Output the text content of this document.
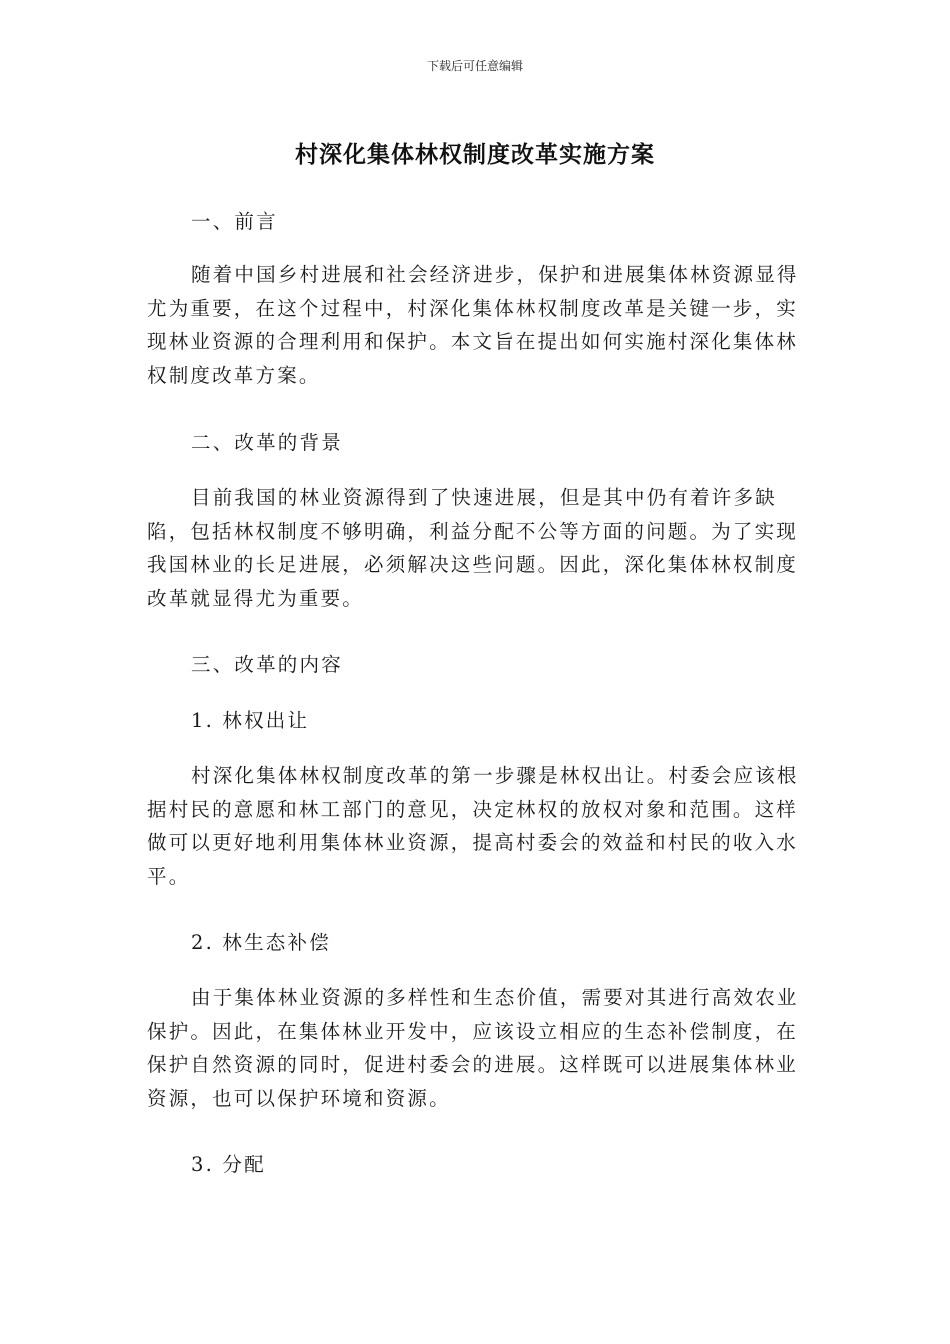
下载后可任意编辑
村深化集体林权制度改革实施方案

一、前言

随着中国乡村进展和社会经济进步，保护和进展集体林资源显得尤为重要，在这个过程中，村深化集体林权制度改革是关键一步，实现林业资源的合理利用和保护。本文旨在提出如何实施村深化集体林权制度改革方案。

二、改革的背景

目前我国的林业资源得到了快速进展，但是其中仍有着许多缺陷，包括林权制度不够明确，利益分配不公等方面的问题。为了实现我国林业的长足进展，必须解决这些问题。因此，深化集体林权制度改革就显得尤为重要。

三、改革的内容

1. 林权出让

村深化集体林权制度改革的第一步骤是林权出让。村委会应该根据村民的意愿和林工部门的意见，决定林权的放权对象和范围。这样做可以更好地利用集体林业资源，提高村委会的效益和村民的收入水平。

2. 林生态补偿

由于集体林业资源的多样性和生态价值，需要对其进行高效农业保护。因此，在集体林业开发中，应该设立相应的生态补偿制度，在保护自然资源的同时，促进村委会的进展。这样既可以进展集体林业资源，也可以保护环境和资源。

3. 分配
